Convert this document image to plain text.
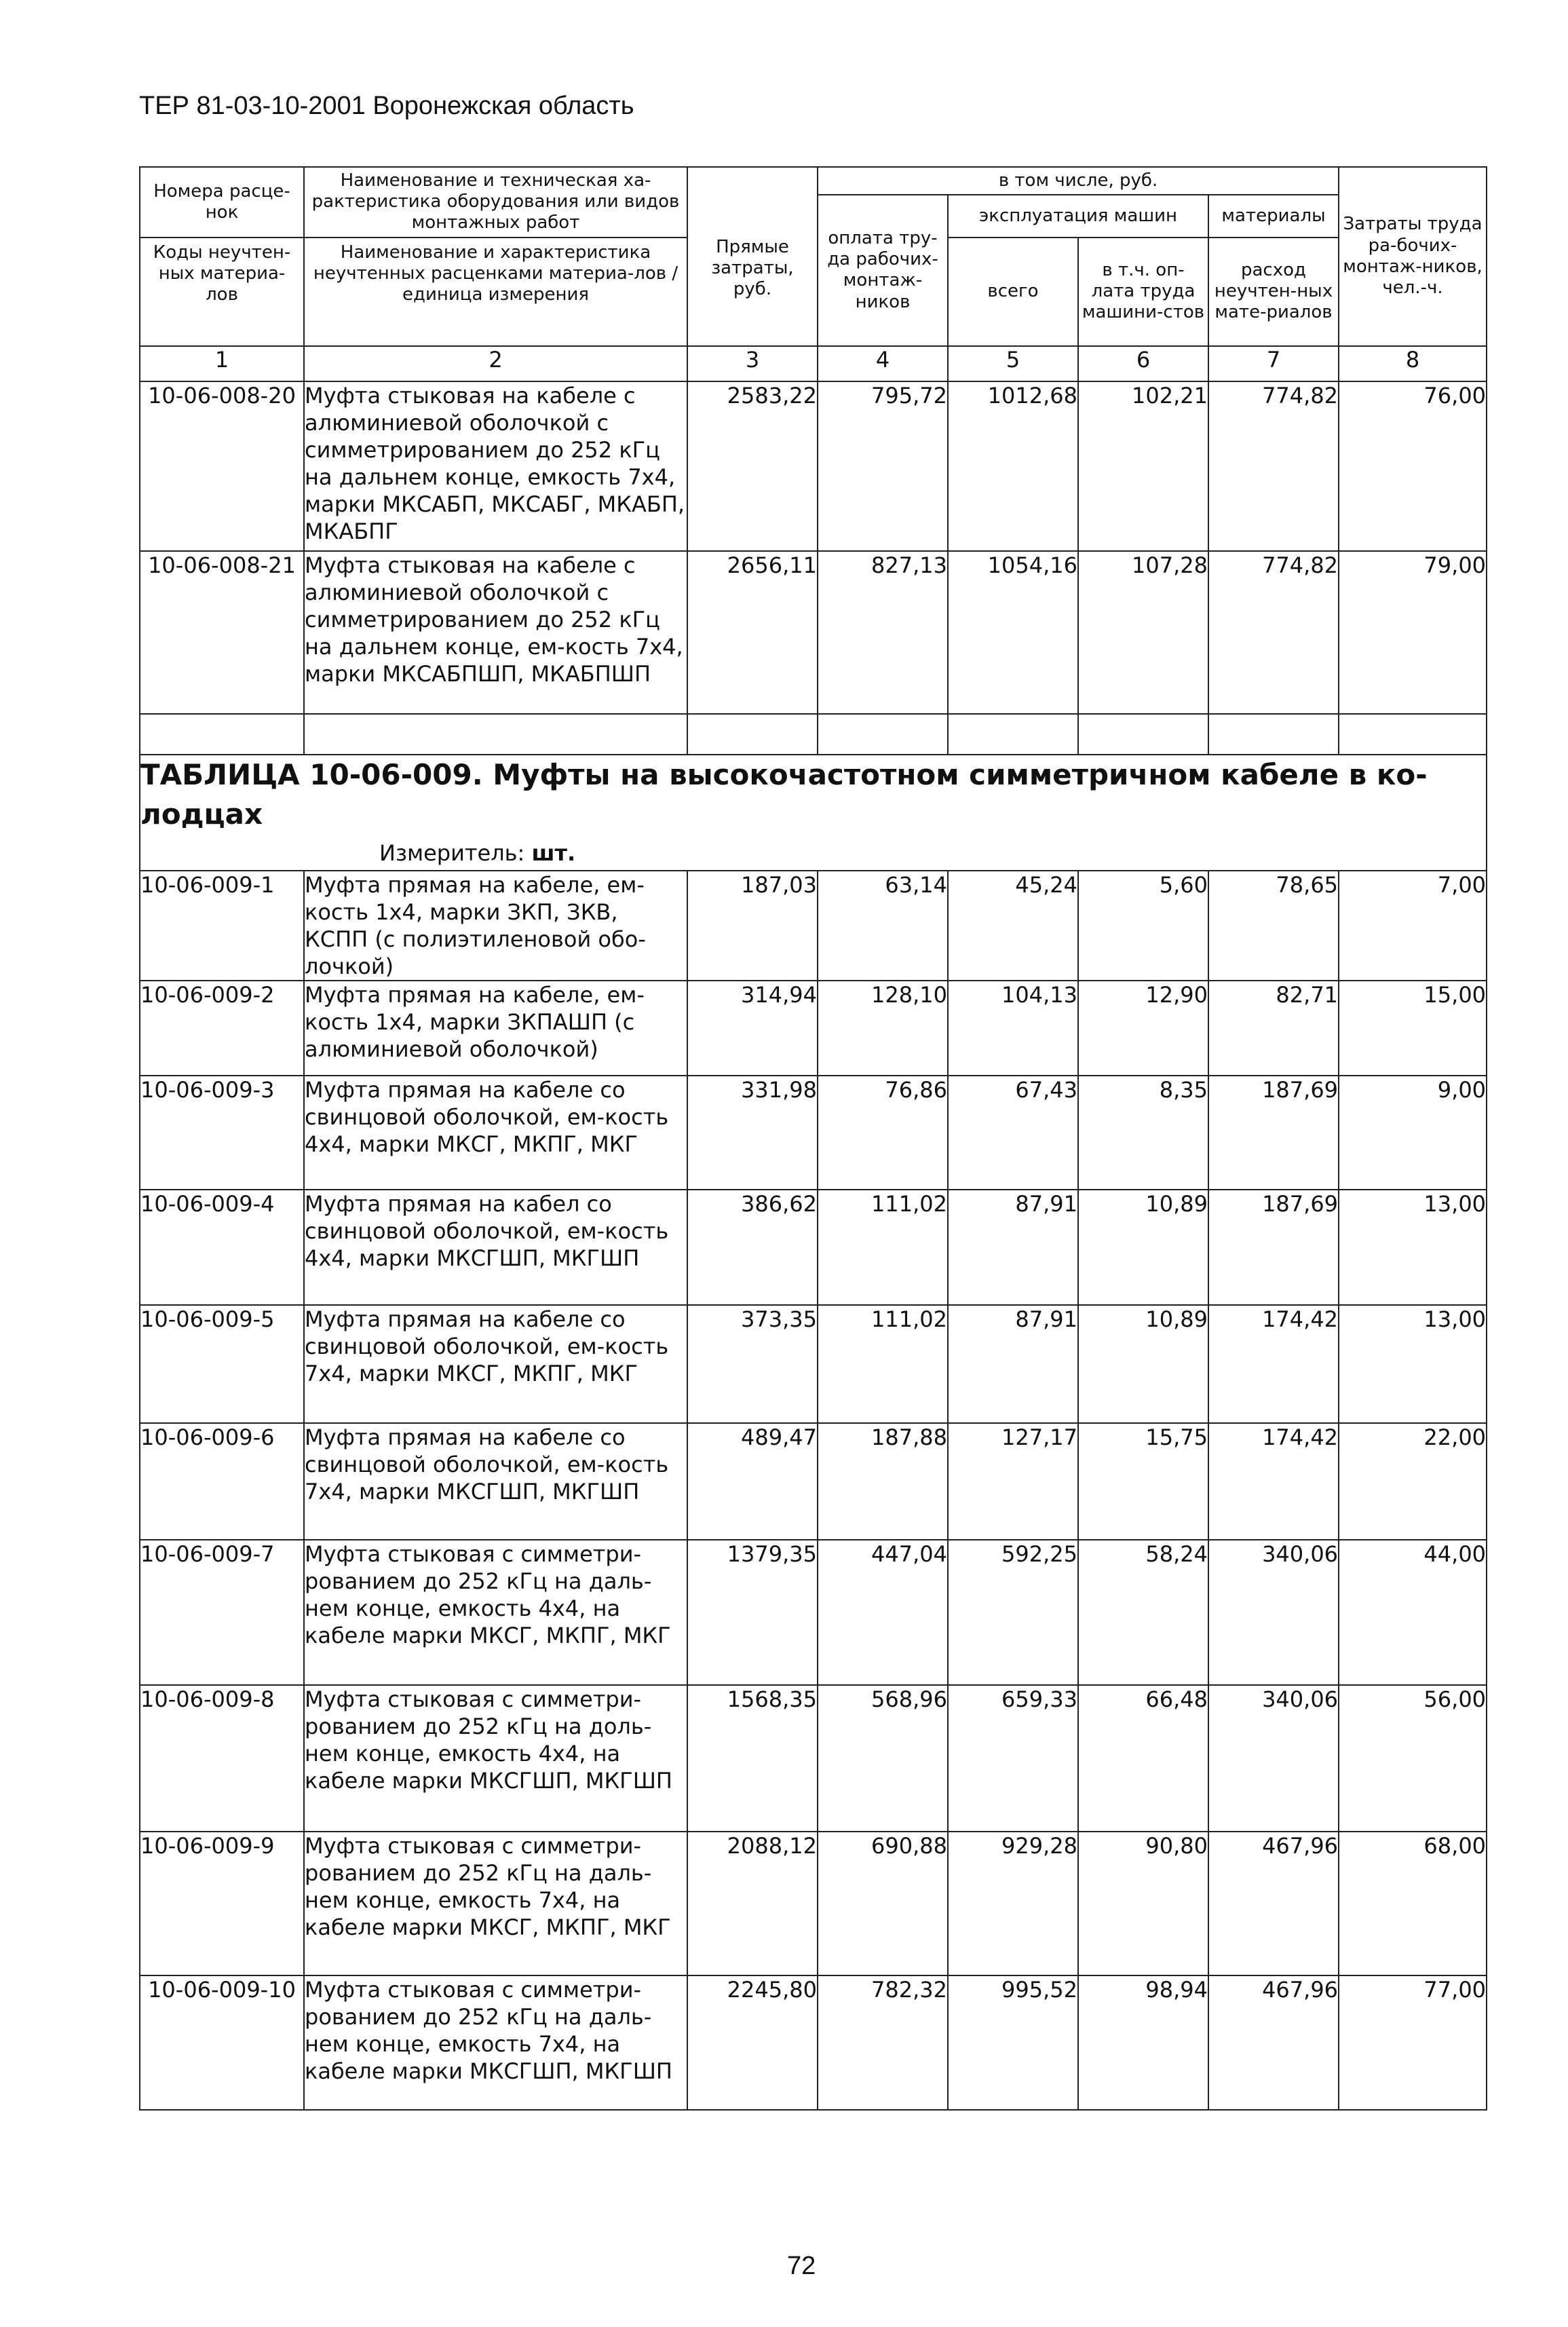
ТЕР 81-03-10-2001 Воронежская область
Номера расце-нок	Наименование и техническая ха-рактеристика оборудования или видов монтажных работ	Прямые затраты, руб.	в том числе, руб.				Затраты труда ра-бочих-монтаж-ников, чел.-ч.
			оплата тру-да рабочих-монтаж-ников	эксплуатация машин		материалы	

Коды неучтен-ных материа-лов	Наименование и характеристика неучтенных расценками материа-лов / единица измерения			всего	в т.ч. оп-лата труда машини-стов	расход неучтен-ных мате-риалов	

1	2	3	4	5	6	7	8
10-06-008-20	Муфта стыковая на кабеле с алюминиевой оболочкой с симметрированием до 252 кГц на дальнем конце, емкость 7х4, марки МКСАБП, МКСАБГ, МКАБП, МКАБПГ	2583,22	795,72	1012,68	102,21	774,82	76,00
10-06-008-21	Муфта стыковая на кабеле с алюминиевой оболочкой с симметрированием до 252 кГц на дальнем конце, ем-кость 7х4, марки МКСАБПШП, МКАБПШП	2656,11	827,13	1054,16	107,28	774,82	79,00

ТАБЛИЦА 10-06-009. Муфты на высокочастотном симметричном кабеле в ко-лодцах
Измеритель: шт.							

10-06-009-1	Муфта прямая на кабеле, ем-кость 1х4, марки ЗКП, ЗКВ, КСПП (с полиэтиленовой обо-лочкой)	187,03	63,14	45,24	5,60	78,65	7,00
10-06-009-2	Муфта прямая на кабеле, ем-кость 1х4, марки ЗКПАШП (с алюминиевой оболочкой)	314,94	128,10	104,13	12,90	82,71	15,00
10-06-009-3	Муфта прямая на кабеле со свинцовой оболочкой, ем-кость 4х4, марки МКСГ, МКПГ, МКГ	331,98	76,86	67,43	8,35	187,69	9,00
10-06-009-4	Муфта прямая на кабел со свинцовой оболочкой, ем-кость 4х4, марки МКСГШП, МКГШП	386,62	111,02	87,91	10,89	187,69	13,00
10-06-009-5	Муфта прямая на кабеле со свинцовой оболочкой, ем-кость 7х4, марки МКСГ, МКПГ, МКГ	373,35	111,02	87,91	10,89	174,42	13,00
10-06-009-6	Муфта прямая на кабеле со свинцовой оболочкой, ем-кость 7х4, марки МКСГШП, МКГШП	489,47	187,88	127,17	15,75	174,42	22,00
10-06-009-7	Муфта стыковая с симметри-рованием до 252 кГц на даль-нем конце, емкость 4х4, на кабеле марки МКСГ, МКПГ, МКГ	1379,35	447,04	592,25	58,24	340,06	44,00
10-06-009-8	Муфта стыковая с симметри-рованием до 252 кГц на доль-нем конце, емкость 4х4, на кабеле марки МКСГШП, МКГШП	1568,35	568,96	659,33	66,48	340,06	56,00
10-06-009-9	Муфта стыковая с симметри-рованием до 252 кГц на даль-нем конце, емкость 7х4, на кабеле марки МКСГ, МКПГ, МКГ	2088,12	690,88	929,28	90,80	467,96	68,00
10-06-009-10	Муфта стыковая с симметри-рованием до 252 кГц на даль-нем конце, емкость 7х4, на кабеле марки МКСГШП, МКГШП	2245,80	782,32	995,52	98,94	467,96	77,00
72
